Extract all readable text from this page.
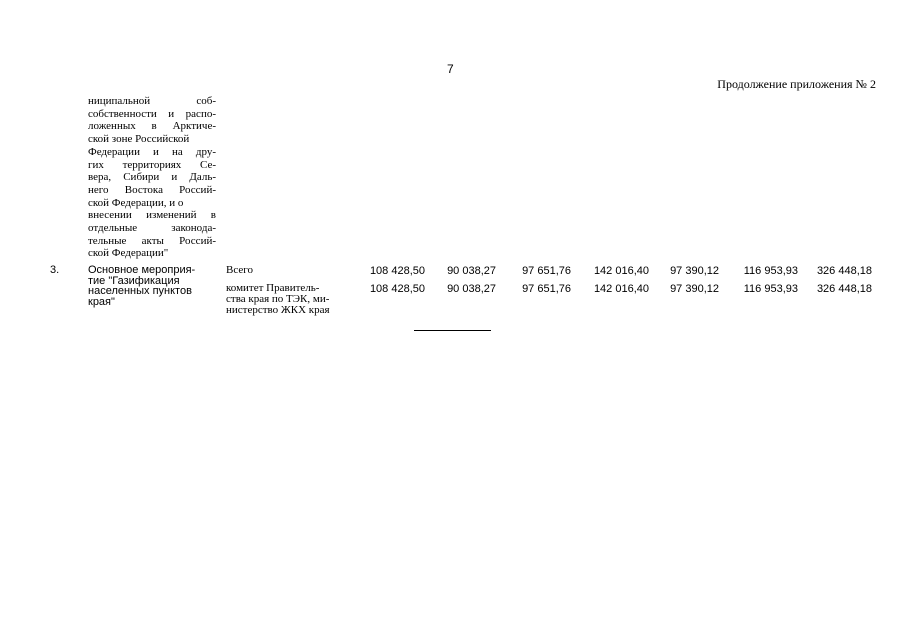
7
Продолжение приложения № 2
ниципальной	соб-
собственности и распо-
ложенных в Арктиче-
ской зоне Российской
Федерации и на дру-
гих территориях Се-
вера, Сибири и Даль-
него Востока Россий-
ской Федерации, и о
внесении изменений в
отдельные законода-
тельные акты Россий-
ской Федерации"
3.	Основное мероприя-
тие "Газификация
населенных пунктов
края"
Всего
комитет Правитель-
ства края по ТЭК, ми-
нистерство ЖКХ края
108 428,50 90 038,27 97 651,76 142 016,40 97 390,12 116 953,93 326 448,18
108 428,50 90 038,27 97 651,76 142 016,40 97 390,12 116 953,93 326 448,18
